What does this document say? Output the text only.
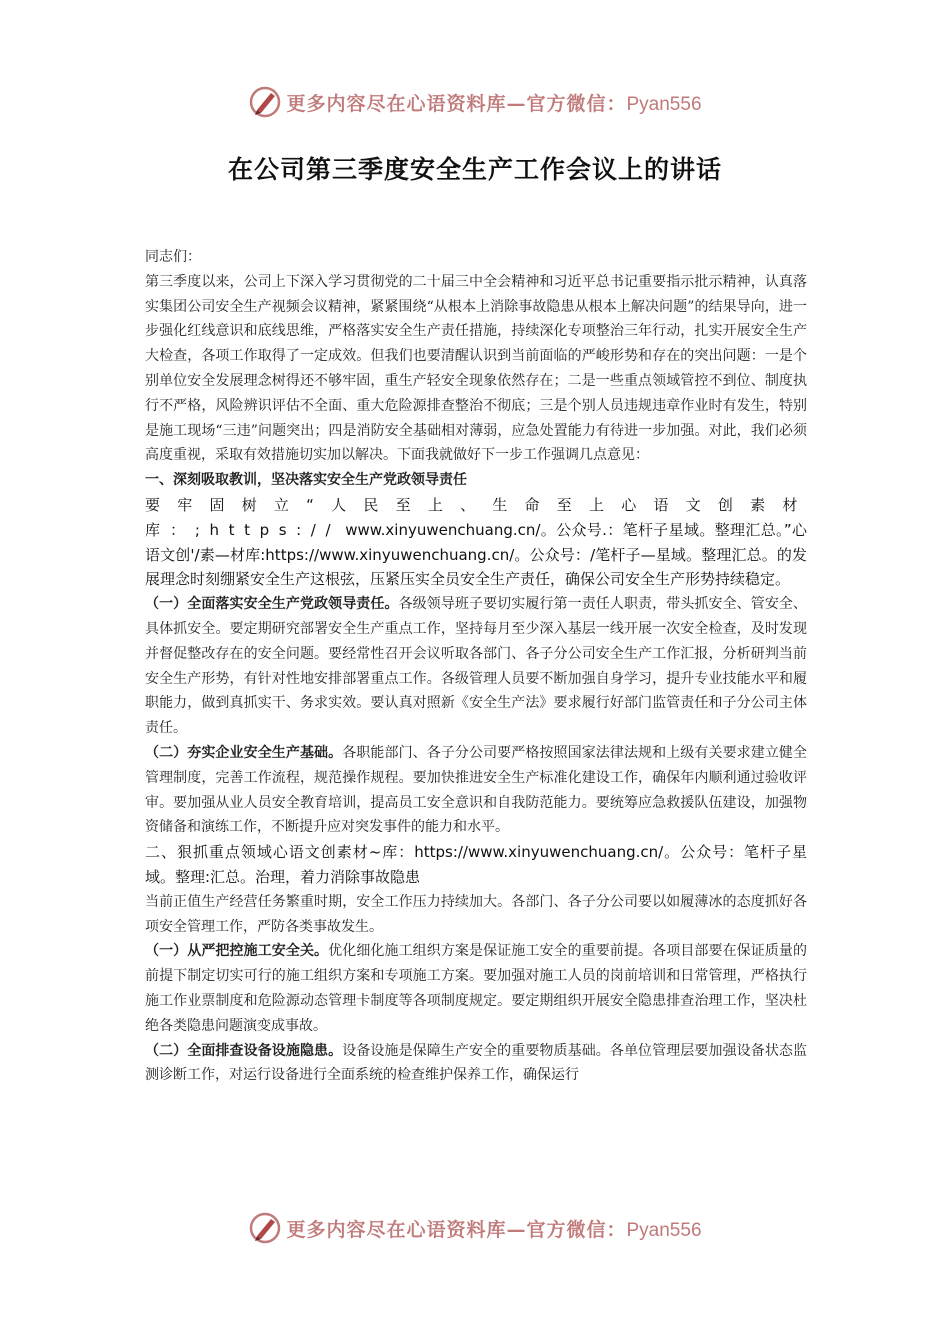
更多内容尽在心语资料库—官方微信：Pyan556
在公司第三季度安全生产工作会议上的讲话

同志们：

第三季度以来，公司上下深入学习贯彻党的二十届三中全会精神和习近平总书记重要指示批示精神，认真落实集团公司安全生产视频会议精神，紧紧围绕“从根本上消除事故隐患从根本上解决问题”的结果导向，进一步强化红线意识和底线思维，严格落实安全生产责任措施，持续深化专项整治三年行动，扎实开展安全生产大检查，各项工作取得了一定成效。但我们也要清醒认识到当前面临的严峻形势和存在的突出问题：一是个别单位安全发展理念树得还不够牢固，重生产轻安全现象依然存在；二是一些重点领域管控不到位、制度执行不严格，风险辨识评估不全面、重大危险源排查整治不彻底；三是个别人员违规违章作业时有发生，特别是施工现场“三违”问题突出；四是消防安全基础相对薄弱，应急处置能力有待进一步加强。对此，我们必须高度重视，采取有效措施切实加以解决。下面我就做好下一步工作强调几点意见：

一、深刻吸取教训，坚决落实安全生产党政领导责任

要牢固树立“人民至上、生命至上心语文创素材库：;https:// www.xinyuwenchuang.cn/。公众号.：笔杆子星域。整理汇总。”心语文创'/素—材库:https://www.xinyuwenchuang.cn/。公众号：/笔杆子—星域。整理汇总。的发展理念时刻绷紧安全生产这根弦，压紧压实全员安全生产责任，确保公司安全生产形势持续稳定。

（一）全面落实安全生产党政领导责任。各级领导班子要切实履行第一责任人职责，带头抓安全、管安全、具体抓安全。要定期研究部署安全生产重点工作，坚持每月至少深入基层一线开展一次安全检查，及时发现并督促整改存在的安全问题。要经常性召开会议听取各部门、各子分公司安全生产工作汇报，分析研判当前安全生产形势，有针对性地安排部署重点工作。各级管理人员要不断加强自身学习，提升专业技能水平和履职能力，做到真抓实干、务求实效。要认真对照新《安全生产法》要求履行好部门监管责任和子分公司主体责任。

（二）夯实企业安全生产基础。各职能部门、各子分公司要严格按照国家法律法规和上级有关要求建立健全管理制度，完善工作流程，规范操作规程。要加快推进安全生产标准化建设工作，确保年内顺利通过验收评审。要加强从业人员安全教育培训，提高员工安全意识和自我防范能力。要统筹应急救援队伍建设，加强物资储备和演练工作，不断提升应对突发事件的能力和水平。

二、狠抓重点领域心语文创素材~库：https://www.xinyuwenchuang.cn/。公众号：笔杆子星域。整理:汇总。治理，着力消除事故隐患

当前正值生产经营任务繁重时期，安全工作压力持续加大。各部门、各子分公司要以如履薄冰的态度抓好各项安全管理工作，严防各类事故发生。

（一）从严把控施工安全关。优化细化施工组织方案是保证施工安全的重要前提。各项目部要在保证质量的前提下制定切实可行的施工组织方案和专项施工方案。要加强对施工人员的岗前培训和日常管理，严格执行施工作业票制度和危险源动态管理卡制度等各项制度规定。要定期组织开展安全隐患排查治理工作，坚决杜绝各类隐患问题演变成事故。

（二）全面排查设备设施隐患。设备设施是保障生产安全的重要物质基础。各单位管理层要加强设备状态监测诊断工作，对运行设备进行全面系统的检查维护保养工作，确保运行

更多内容尽在心语资料库—官方微信：Pyan556
